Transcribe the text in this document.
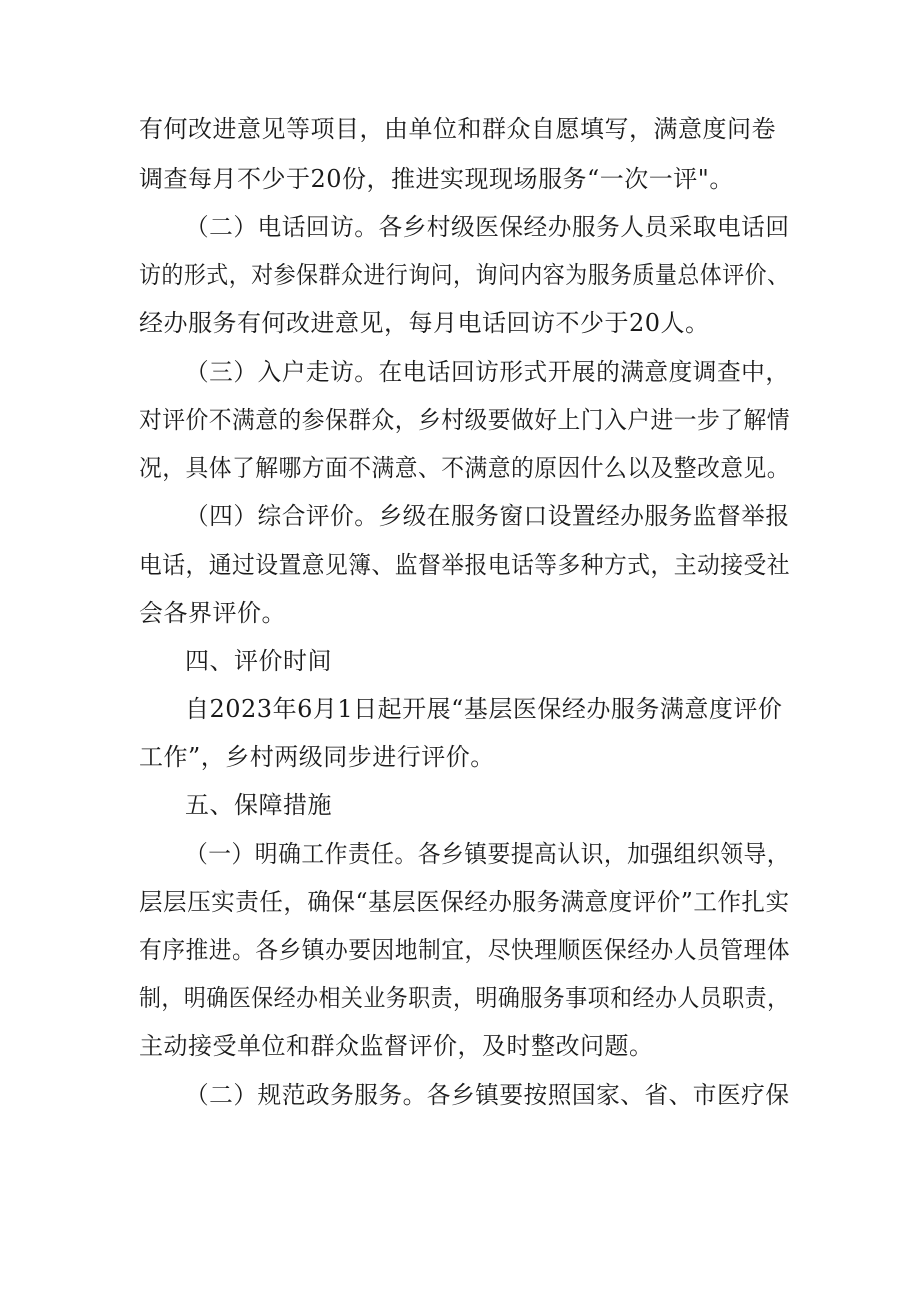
有何改进意见等项目，由单位和群众自愿填写，满意度问卷
调查每月不少于20份，推进实现现场服务“一次一评"。
（二）电话回访。各乡村级医保经办服务人员采取电话回
访的形式，对参保群众进行询问，询问内容为服务质量总体评价、
经办服务有何改进意见，每月电话回访不少于20人。
（三）入户走访。在电话回访形式开展的满意度调查中，
对评价不满意的参保群众，乡村级要做好上门入户进一步了解情
况，具体了解哪方面不满意、不满意的原因什么以及整改意见。
（四）综合评价。乡级在服务窗口设置经办服务监督举报
电话，通过设置意见簿、监督举报电话等多种方式，主动接受社
会各界评价。
四、评价时间
自2023年6月1日起开展“基层医保经办服务满意度评价
工作”，乡村两级同步进行评价。
五、保障措施
（一）明确工作责任。各乡镇要提高认识，加强组织领导，
层层压实责任，确保“基层医保经办服务满意度评价”工作扎实
有序推进。各乡镇办要因地制宜，尽快理顺医保经办人员管理体
制，明确医保经办相关业务职责，明确服务事项和经办人员职责，
主动接受单位和群众监督评价，及时整改问题。
（二）规范政务服务。各乡镇要按照国家、省、市医疗保
